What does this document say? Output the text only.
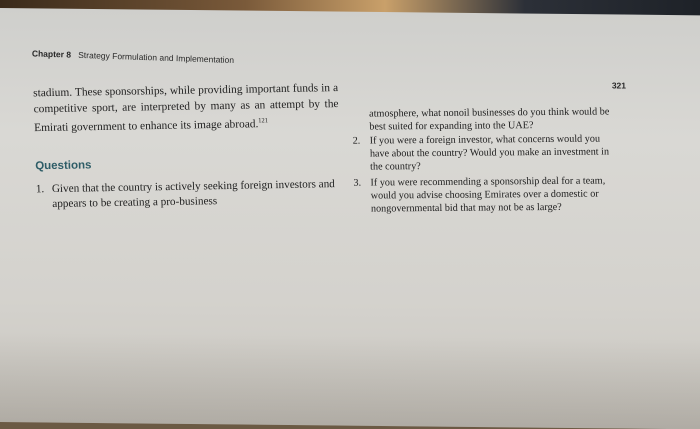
Chapter 8 Strategy Formulation and Implementation
321

stadium. These sponsorships, while providing important funds in a competitive sport, are interpreted by many as an attempt by the Emirati government to enhance its image abroad.$^{121}$

Questions
1. Given that the country is actively seeking foreign investors and appears to be creating a pro-business
atmosphere, what nonoil businesses do you think would be best suited for expanding into the UAE?
2. If you were a foreign investor, what concerns would you have about the country? Would you make an investment in the country?
3. If you were recommending a sponsorship deal for a team, would you advise choosing Emirates over a domestic or nongovernmental bid that may not be as large?
